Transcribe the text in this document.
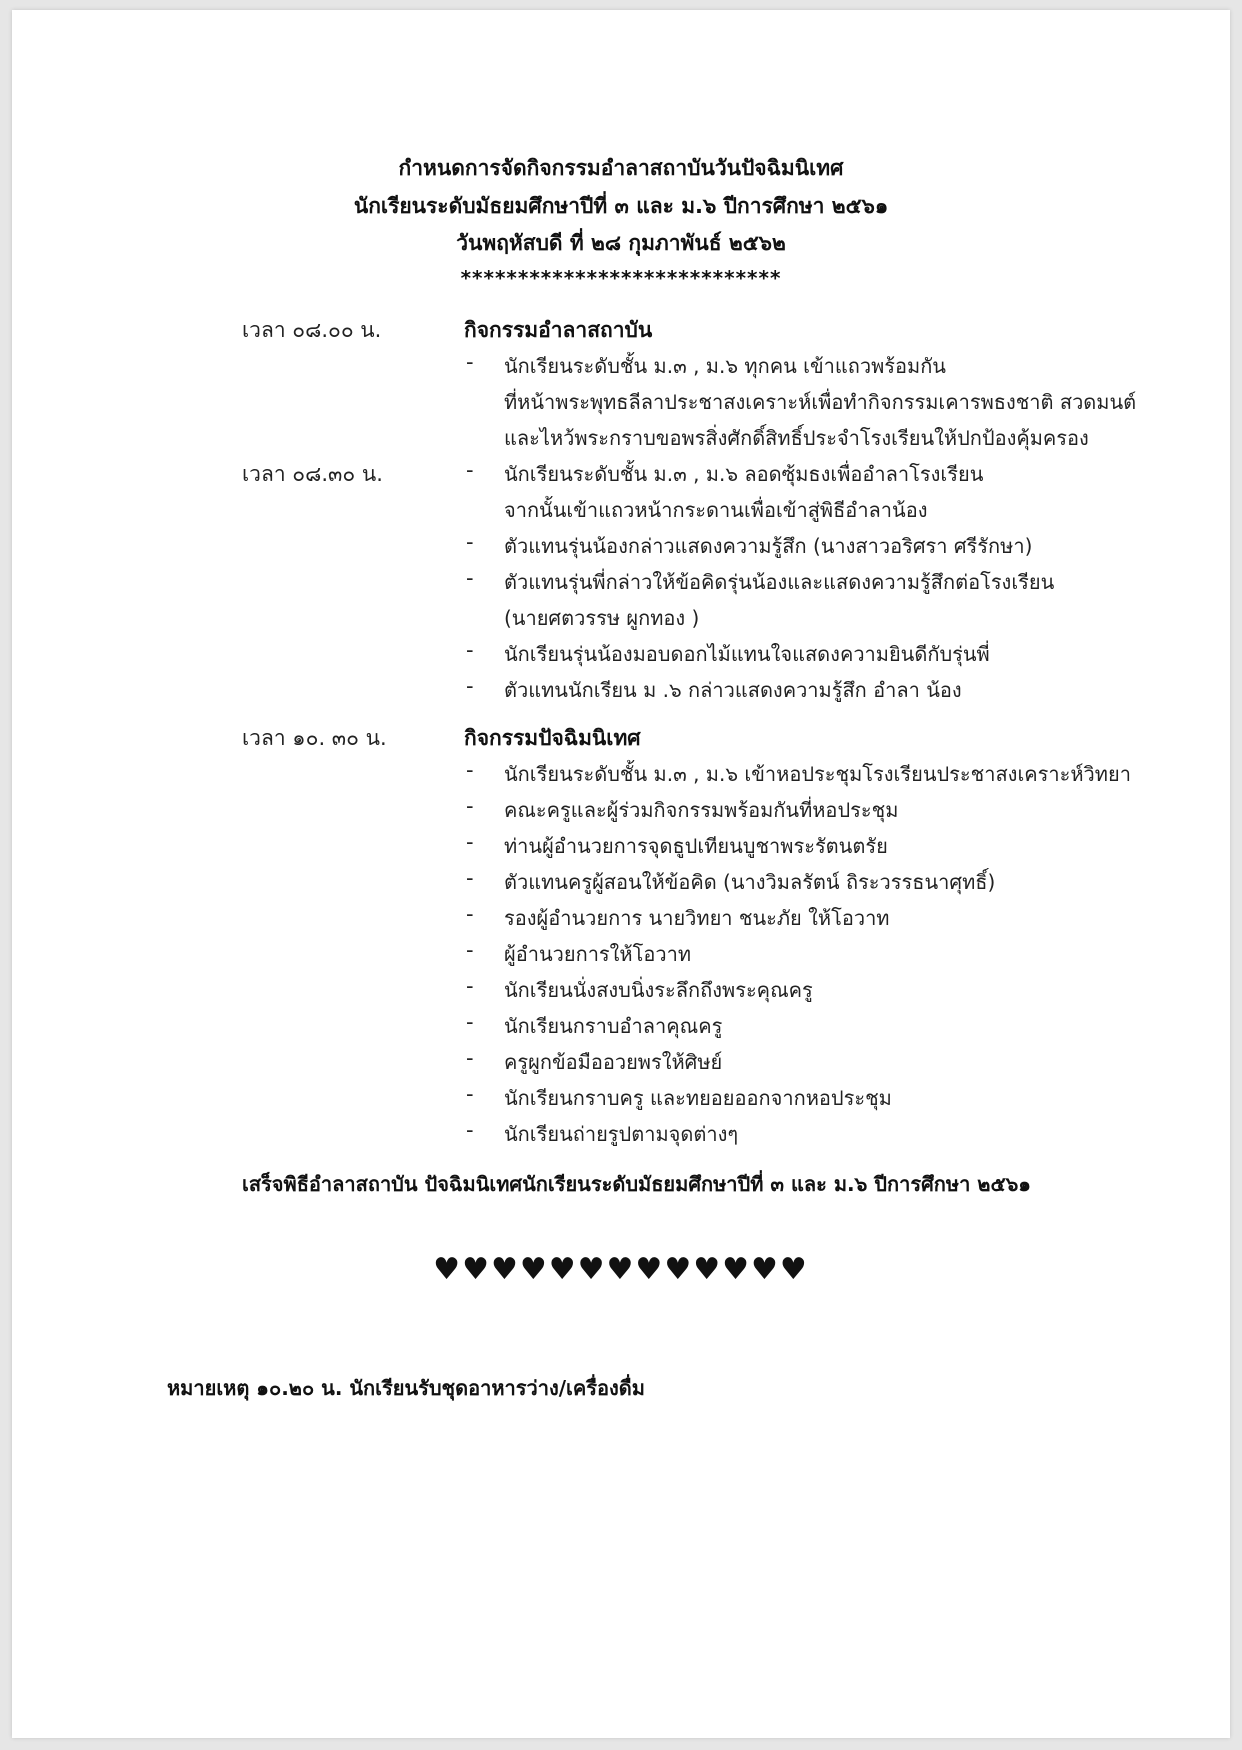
กำหนดการจัดกิจกรรมอำลาสถาบันวันปัจฉิมนิเทศ
นักเรียนระดับมัธยมศึกษาปีที่ ๓ และ ม.๖ ปีการศึกษา ๒๕๖๑
วันพฤหัสบดี ที่ ๒๘ กุมภาพันธ์ ๒๕๖๒
****************************
เวลา ๐๘.๐๐ น.	กิจกรรมอำลาสถาบัน
- นักเรียนระดับชั้น ม.๓ , ม.๖ ทุกคน เข้าแถวพร้อมกัน
ที่หน้าพระพุทธลีลาประชาสงเคราะห์เพื่อทำกิจกรรมเคารพธงชาติ สวดมนต์
และไหว้พระกราบขอพรสิ่งศักดิ์สิทธิ์ประจำโรงเรียนให้ปกป้องคุ้มครอง
เวลา ๐๘.๓๐ น.	- นักเรียนระดับชั้น ม.๓ , ม.๖ ลอดซุ้มธงเพื่ออำลาโรงเรียน
จากนั้นเข้าแถวหน้ากระดานเพื่อเข้าสู่พิธีอำลาน้อง
- ตัวแทนรุ่นน้องกล่าวแสดงความรู้สึก (นางสาวอริศรา ศรีรักษา)
- ตัวแทนรุ่นพี่กล่าวให้ข้อคิดรุ่นน้องและแสดงความรู้สึกต่อโรงเรียน
(นายศตวรรษ ผูกทอง )
- นักเรียนรุ่นน้องมอบดอกไม้แทนใจแสดงความยินดีกับรุ่นพี่
- ตัวแทนนักเรียน ม .๖ กล่าวแสดงความรู้สึก อำลา น้อง
เวลา ๑๐. ๓๐ น.	กิจกรรมปัจฉิมนิเทศ
- นักเรียนระดับชั้น ม.๓ , ม.๖ เข้าหอประชุมโรงเรียนประชาสงเคราะห์วิทยา
- คณะครูและผู้ร่วมกิจกรรมพร้อมกันที่หอประชุม
- ท่านผู้อำนวยการจุดธูปเทียนบูชาพระรัตนตรัย
- ตัวแทนครูผู้สอนให้ข้อคิด (นางวิมลรัตน์ ถิระวรรธนาศุทธิ์)
- รองผู้อำนวยการ นายวิทยา ชนะภัย ให้โอวาท
- ผู้อำนวยการให้โอวาท
- นักเรียนนั่งสงบนิ่งระลึกถึงพระคุณครู
- นักเรียนกราบอำลาคุณครู
- ครูผูกข้อมืออวยพรให้ศิษย์
- นักเรียนกราบครู และทยอยออกจากหอประชุม
- นักเรียนถ่ายรูปตามจุดต่างๆ
เสร็จพิธีอำลาสถาบัน ปัจฉิมนิเทศนักเรียนระดับมัธยมศึกษาปีที่ ๓ และ ม.๖ ปีการศึกษา ๒๕๖๑
♥♥♥♥♥♥♥♥♥♥♥♥♥
หมายเหตุ ๑๐.๒๐ น. นักเรียนรับชุดอาหารว่าง/เครื่องดื่ม
